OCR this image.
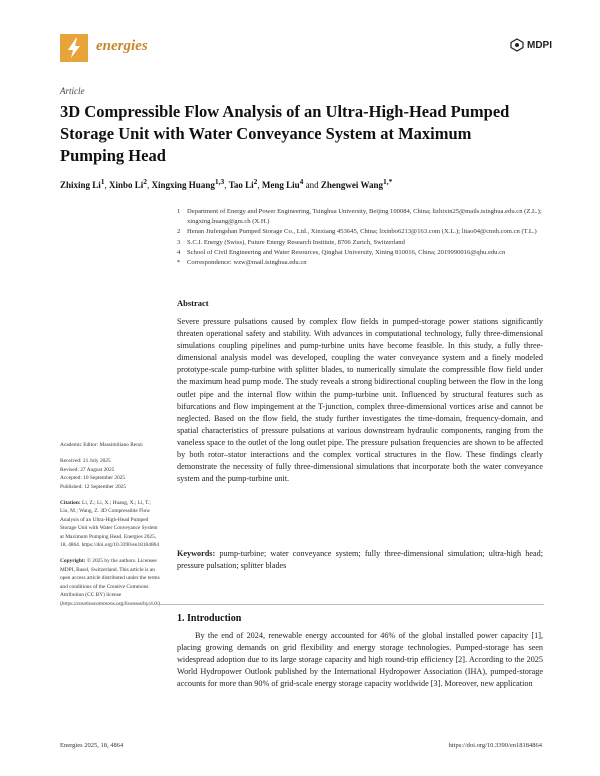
energies	MDPI
Article
3D Compressible Flow Analysis of an Ultra-High-Head Pumped Storage Unit with Water Conveyance System at Maximum Pumping Head
Zhixing Li$^1$, Xinbo Li$^2$, Xingxing Huang$^{1,3}$, Tao Li$^2$, Meng Liu$^4$ and Zhengwei Wang$^{1,*}$
1	Department of Energy and Power Engineering, Tsinghua University, Beijing 100084, China; lizhixin25@mails.tsinghua.edu.cn (Z.L.); xingxing.huang@gm.ch (X.H.)
2	Henan Jiufengshan Pumped Storage Co., Ltd., Xinxiang 453645, China; lixinbo6213@163.com (X.L.); litao04@cnnh.com.cn (T.L.)
3	S.C.I. Energy (Swiss), Future Energy Research Institute, 8706 Zurich, Switzerland
4	School of Civil Engineering and Water Resources, Qinghai University, Xining 810016, China; 2019990016@qhu.edu.cn
*	Correspondence: wzw@mail.tsinghua.edu.cn
Abstract

Severe pressure pulsations caused by complex flow fields in pumped-storage power stations significantly threaten operational safety and stability. With advances in computational technology, fully three-dimensional simulations coupling pipelines and pump-turbine units have become feasible. In this study, a fully three-dimensional analysis model was developed, coupling the water conveyance system and a finely modeled prototype-scale pump-turbine with splitter blades, to numerically simulate the compressible flow field under the maximum head pump mode. The study reveals a strong bidirectional coupling between the flow in the long outlet pipe and the internal flow within the pump-turbine unit. Influenced by structural features such as bifurcations and flow impingement at the T-junction, complex three-dimensional vortices arise and cannot be neglected. Based on the flow field, the study further investigates the time-domain, frequency-domain, and spatial characteristics of pressure pulsations at various downstream hydraulic components, ranging from the vaneless space to the outlet of the long outlet pipe. The pressure pulsation frequencies are shown to be affected by both rotor–stator interactions and the complex vortical structures in the flow. These findings clearly demonstrate the necessity of fully three-dimensional simulations that incorporate both the water conveyance system and the pump-turbine unit.

Keywords: pump-turbine; water conveyance system; fully three-dimensional simulation; ultra-high head; pressure pulsation; splitter blades

Academic Editor: Massimiliano Renzi
Received: 21 July 2025
Revised: 27 August 2025
Accepted: 10 September 2025
Published: 12 September 2025
Citation: Li, Z.; Li, X.; Huang, X.; Li, T.; Liu, M.; Wang, Z. 3D Compressible Flow Analysis of an Ultra-High-Head Pumped Storage Unit with Water Conveyance System at Maximum Pumping Head. Energies 2025, 18, 4864. https://doi.org/10.3390/en18184864
Copyright: © 2025 by the authors. Licensee MDPI, Basel, Switzerland. This article is an open access article distributed under the terms and conditions of the Creative Commons Attribution (CC BY) license (https://creativecommons.org/licenses/by/4.0/).
1. Introduction

By the end of 2024, renewable energy accounted for 46% of the global installed power capacity [1], placing growing demands on grid flexibility and energy storage technologies. Pumped-storage has seen widespread adoption due to its large storage capacity and high round-trip efficiency [2]. According to the 2025 World Hydropower Outlook published by the International Hydropower Association (IHA), pumped-storage accounts for more than 90% of grid-scale energy storage capacity worldwide [3]. Moreover, new application

Energies 2025, 18, 4864	https://doi.org/10.3390/en18184864
